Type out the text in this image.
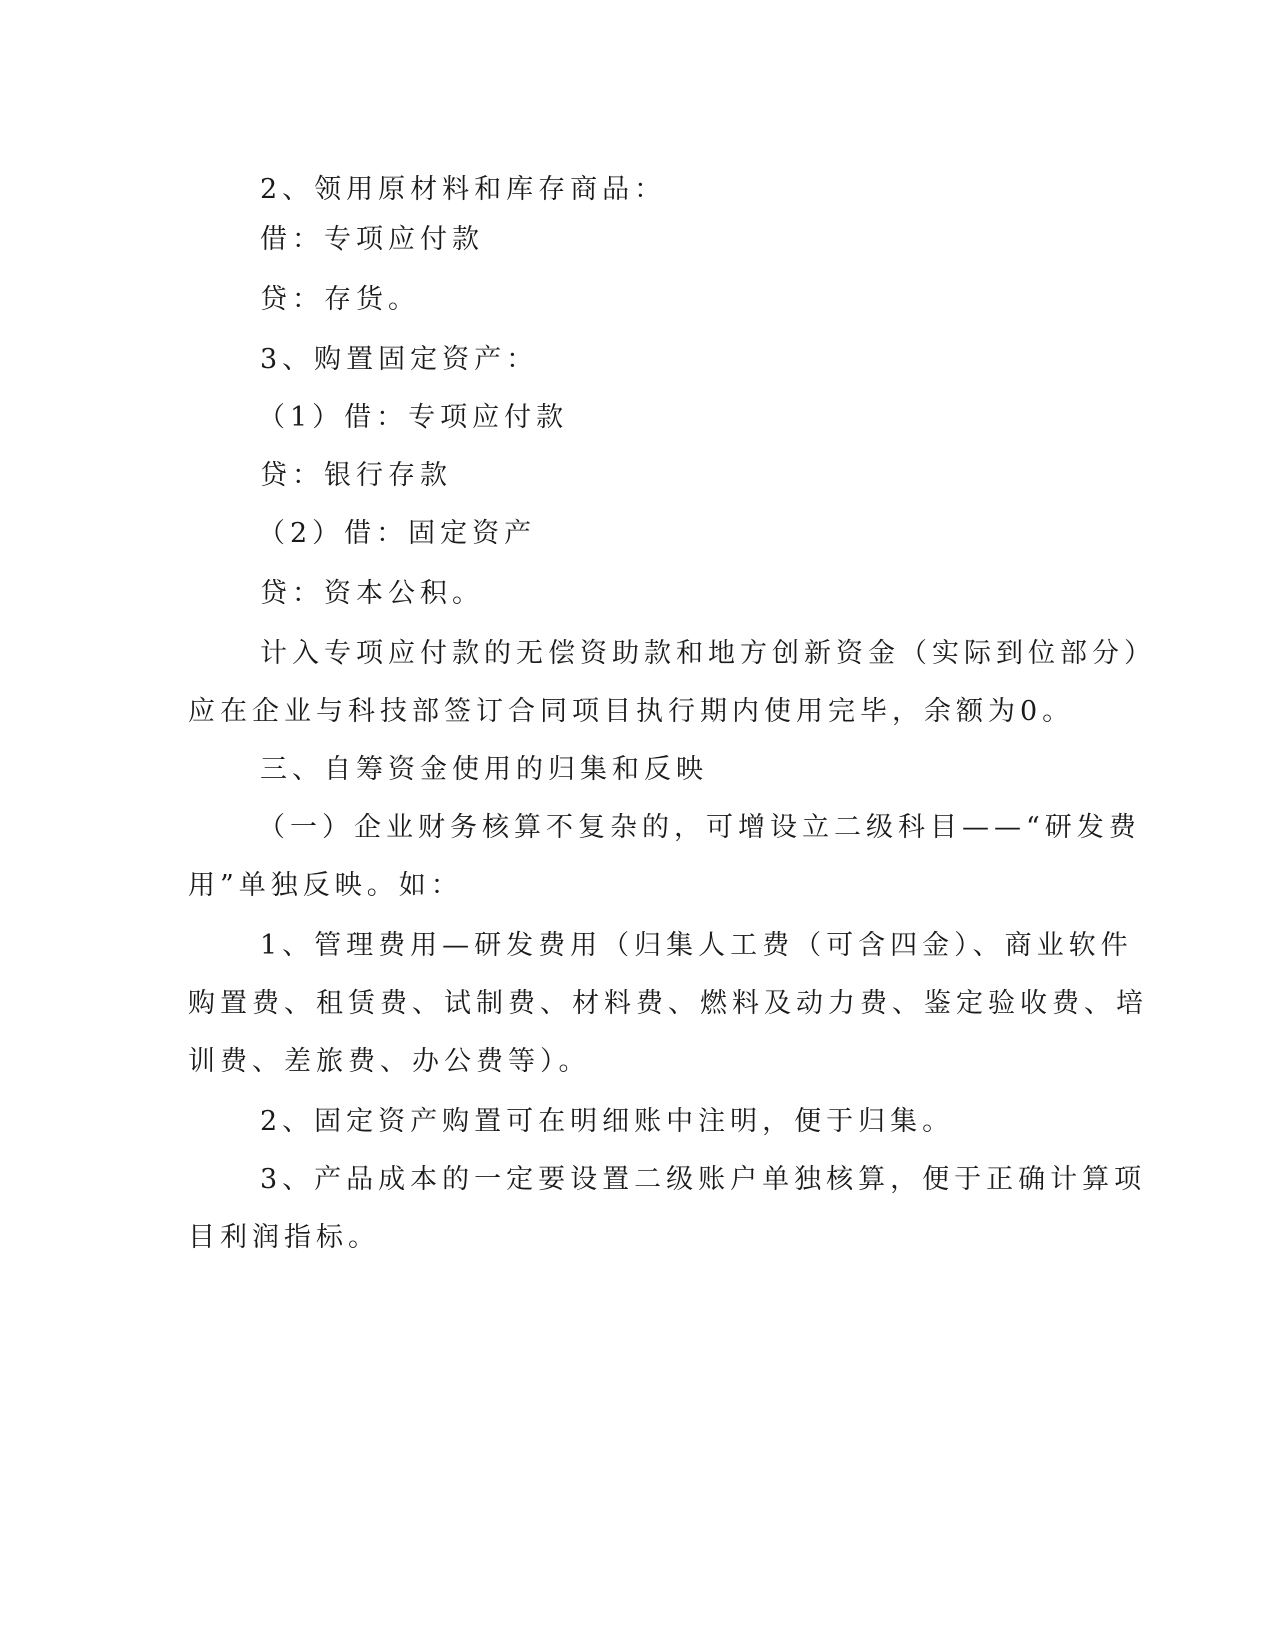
2、领用原材料和库存商品：
借：专项应付款
贷：存货。
3、购置固定资产：
（1）借：专项应付款
贷：银行存款
（2）借：固定资产
贷：资本公积。
计入专项应付款的无偿资助款和地方创新资金（实际到位部分）
应在企业与科技部签订合同项目执行期内使用完毕，余额为0。
三、自筹资金使用的归集和反映
（一）企业财务核算不复杂的，可增设立二级科目——“研发费
用”单独反映。如：
1、管理费用—研发费用（归集人工费（可含四金）、商业软件
购置费、租赁费、试制费、材料费、燃料及动力费、鉴定验收费、培
训费、差旅费、办公费等）。
2、固定资产购置可在明细账中注明，便于归集。
3、产品成本的一定要设置二级账户单独核算，便于正确计算项
目利润指标。
